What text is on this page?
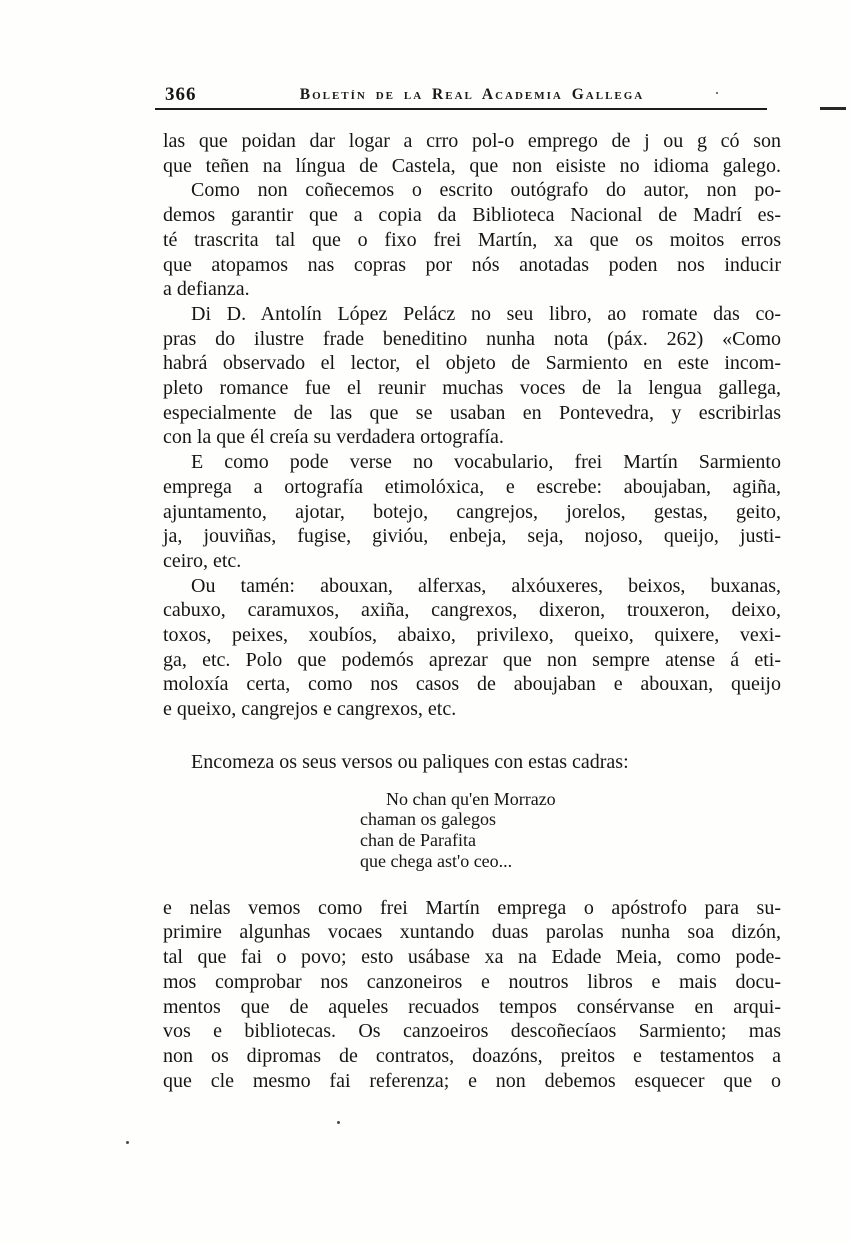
366	Boletín de la Real Academia Gallega
las que poidan dar logar a crro pol-o emprego de j ou g có son
que teñen na língua de Castela, que non eisiste no idioma galego.
Como non coñecemos o escrito outógrafo do autor, non po-
demos garantir que a copia da Biblioteca Nacional de Madrí es-
té trascrita tal que o fixo frei Martín, xa que os moitos erros
que atopamos nas copras por nós anotadas poden nos inducir
a defianza.
Di D. Antolín López Pelácz no seu libro, ao romate das co-
pras do ilustre frade beneditino nunha nota (páx. 262) «Como
habrá observado el lector, el objeto de Sarmiento en este incom-
pleto romance fue el reunir muchas voces de la lengua gallega,
especialmente de las que se usaban en Pontevedra, y escribirlas
con la que él creía su verdadera ortografía.
E como pode verse no vocabulario, frei Martín Sarmiento
emprega a ortografía etimolóxica, e escrebe: aboujaban, agiña,
ajuntamento, ajotar, botejo, cangrejos, jorelos, gestas, geito,
ja, jouviñas, fugise, givióu, enbeja, seja, nojoso, queijo, justi-
ceiro, etc.
Ou tamén: abouxan, alferxas, alxóuxeres, beixos, buxanas,
cabuxo, caramuxos, axiña, cangrexos, dixeron, trouxeron, deixo,
toxos, peixes, xoubíos, abaixo, privilexo, queixo, quixere, vexi-
ga, etc. Polo que podemós aprezar que non sempre atense á eti-
moloxía certa, como nos casos de aboujaban e abouxan, queijo
e queixo, cangrejos e cangrexos, etc.
Encomeza os seus versos ou paliques con estas cadras:
No chan qu'en Morrazo
chaman os galegos
chan de Parafita
que chega ast'o ceo...
e nelas vemos como frei Martín emprega o apóstrofo para su-
primire algunhas vocaes xuntando duas parolas nunha soa dizón,
tal que fai o povo; esto usábase xa na Edade Meia, como pode-
mos comprobar nos canzoneiros e noutros libros e mais docu-
mentos que de aqueles recuados tempos consérvanse en arqui-
vos e bibliotecas. Os canzoeiros descoñecíaos Sarmiento; mas
non os dipromas de contratos, doazóns, preitos e testamentos a
que cle mesmo fai referenza; e non debemos esquecer que o
